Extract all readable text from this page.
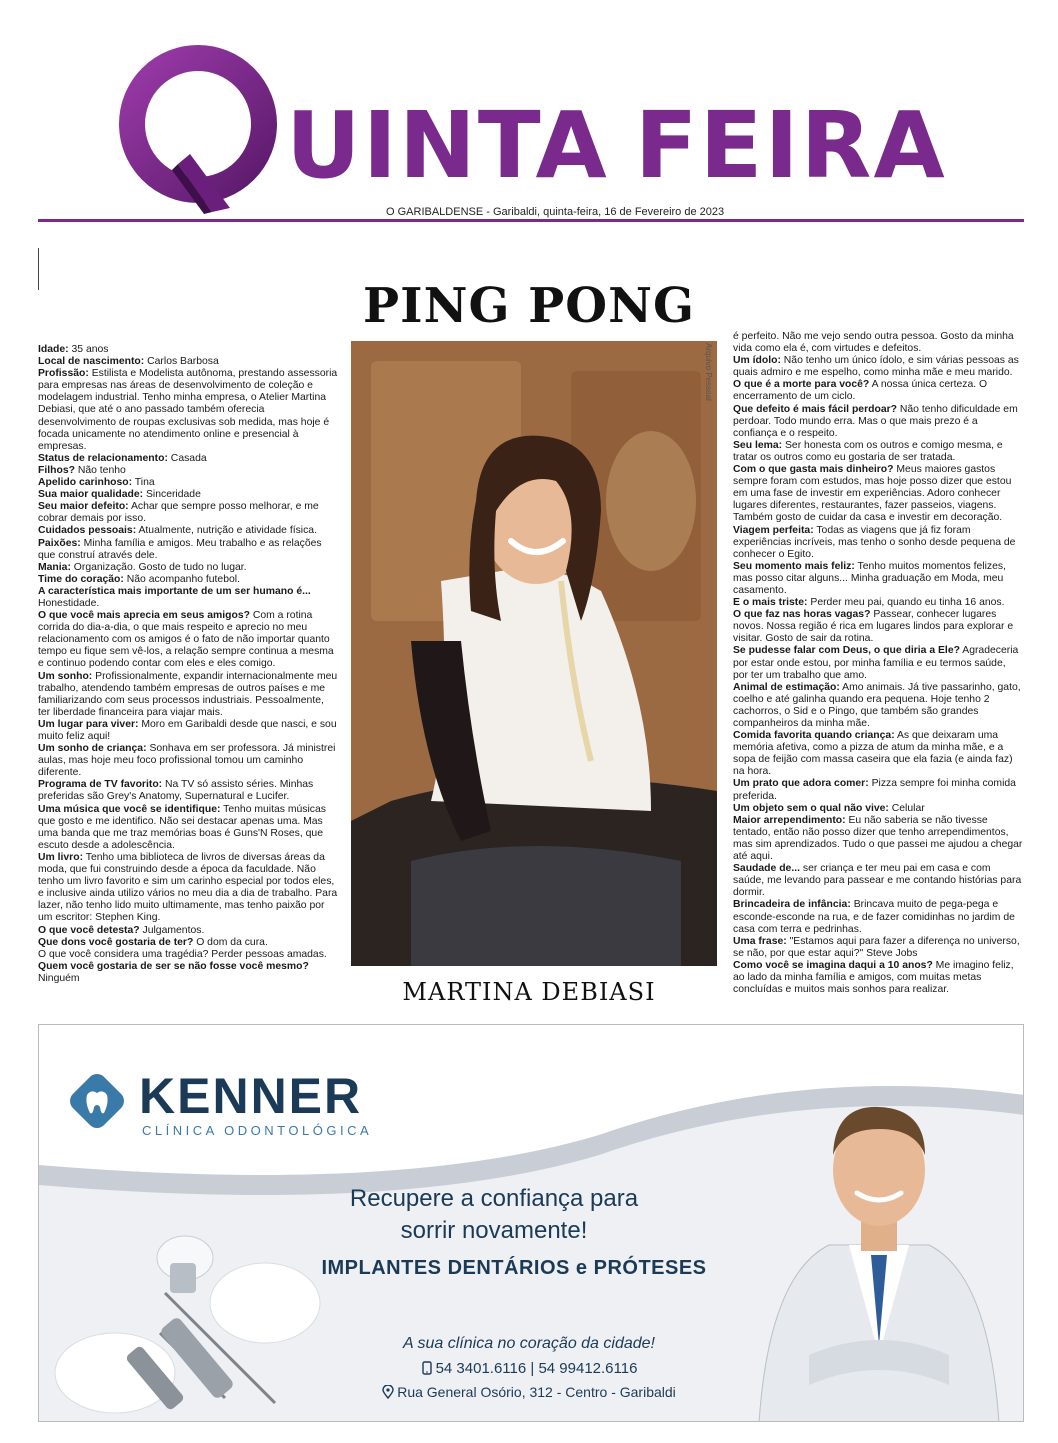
UINTA FEIRA
O GARIBALDENSE - Garibaldi, quinta-feira, 16 de Fevereiro de 2023
PING PONG

Idade: 35 anos

Local de nascimento: Carlos Barbosa

Profissão: Estilista e Modelista autônoma, prestando assessoria para empresas nas áreas de desenvolvimento de coleção e modelagem industrial. Tenho minha empresa, o Atelier Martina Debiasi, que até o ano passado também oferecia desenvolvimento de roupas exclusivas sob medida, mas hoje é focada unicamente no atendimento online e presencial à empresas.

Status de relacionamento: Casada

Filhos? Não tenho

Apelido carinhoso: Tina

Sua maior qualidade: Sinceridade

Seu maior defeito: Achar que sempre posso melhorar, e me cobrar demais por isso.

Cuidados pessoais: Atualmente, nutrição e atividade física.

Paixões: Minha família e amigos. Meu trabalho e as relações que construí através dele.

Mania: Organização. Gosto de tudo no lugar.

Time do coração: Não acompanho futebol.

A característica mais importante de um ser humano é... Honestidade.

O que você mais aprecia em seus amigos? Com a rotina corrida do dia-a-dia, o que mais respeito e aprecio no meu relacionamento com os amigos é o fato de não importar quanto tempo eu fique sem vê-los, a relação sempre continua a mesma e continuo podendo contar com eles e eles comigo.

Um sonho: Profissionalmente, expandir internacionalmente meu trabalho, atendendo também empresas de outros países e me familiarizando com seus processos industriais. Pessoalmente, ter liberdade financeira para viajar mais.

Um lugar para viver: Moro em Garibaldi desde que nasci, e sou muito feliz aqui!

Um sonho de criança: Sonhava em ser professora. Já ministrei aulas, mas hoje meu foco profissional tomou um caminho diferente.

Programa de TV favorito: Na TV só assisto séries. Minhas preferidas são Grey's Anatomy, Supernatural e Lucifer.

Uma música que você se identifique: Tenho muitas músicas que gosto e me identifico. Não sei destacar apenas uma. Mas uma banda que me traz memórias boas é Guns'N Roses, que escuto desde a adolescência.

Um livro: Tenho uma biblioteca de livros de diversas áreas da moda, que fui construindo desde a época da faculdade. Não tenho um livro favorito e sim um carinho especial por todos eles, e inclusive ainda utilizo vários no meu dia a dia de trabalho. Para lazer, não tenho lido muito ultimamente, mas tenho paixão por um escritor: Stephen King.

O que você detesta? Julgamentos.

Que dons você gostaria de ter? O dom da cura.

O que você considera uma tragédia? Perder pessoas amadas.

Quem você gostaria de ser se não fosse você mesmo? Ninguém

Arquivo Pessoal

é perfeito. Não me vejo sendo outra pessoa. Gosto da minha vida como ela é, com virtudes e defeitos.

Um ídolo: Não tenho um único ídolo, e sim várias pessoas as quais admiro e me espelho, como minha mãe e meu marido.

O que é a morte para você? A nossa única certeza. O encerramento de um ciclo.

Que defeito é mais fácil perdoar? Não tenho dificuldade em perdoar. Todo mundo erra. Mas o que mais prezo é a confiança e o respeito.

Seu lema: Ser honesta com os outros e comigo mesma, e tratar os outros como eu gostaria de ser tratada.

Com o que gasta mais dinheiro? Meus maiores gastos sempre foram com estudos, mas hoje posso dizer que estou em uma fase de investir em experiências. Adoro conhecer lugares diferentes, restaurantes, fazer passeios, viagens. Também gosto de cuidar da casa e investir em decoração.

Viagem perfeita: Todas as viagens que já fiz foram experiências incríveis, mas tenho o sonho desde pequena de conhecer o Egito.

Seu momento mais feliz: Tenho muitos momentos felizes, mas posso citar alguns... Minha graduação em Moda, meu casamento.

E o mais triste: Perder meu pai, quando eu tinha 16 anos.

O que faz nas horas vagas? Passear, conhecer lugares novos. Nossa região é rica em lugares lindos para explorar e visitar. Gosto de sair da rotina.

Se pudesse falar com Deus, o que diria a Ele? Agradeceria por estar onde estou, por minha família e eu termos saúde, por ter um trabalho que amo.

Animal de estimação: Amo animais. Já tive passarinho, gato, coelho e até galinha quando era pequena. Hoje tenho 2 cachorros, o Sid e o Pingo, que também são grandes companheiros da minha mãe.

Comida favorita quando criança: As que deixaram uma memória afetiva, como a pizza de atum da minha mãe, e a sopa de feijão com massa caseira que ela fazia (e ainda faz) na hora.

Um prato que adora comer: Pizza sempre foi minha comida preferida.

Um objeto sem o qual não vive: Celular

Maior arrependimento: Eu não saberia se não tivesse tentado, então não posso dizer que tenho arrependimentos, mas sim aprendizados. Tudo o que passei me ajudou a chegar até aqui.

Saudade de... ser criança e ter meu pai em casa e com saúde, me levando para passear e me contando histórias para dormir.

Brincadeira de infância: Brincava muito de pega-pega e esconde-esconde na rua, e de fazer comidinhas no jardim de casa com terra e pedrinhas.

Uma frase: "Estamos aqui para fazer a diferença no universo, se não, por que estar aqui?" Steve Jobs

Como você se imagina daqui a 10 anos? Me imagino feliz, ao lado da minha família e amigos, com muitas metas concluídas e muitos mais sonhos para realizar.

MARTINA DEBIASI
KENNER
CLÍNICA ODONTOLÓGICA
Recupere a confiança para
sorrir novamente!
IMPLANTES DENTÁRIOS e PRÓTESES
A sua clínica no coração da cidade!
54 3401.6116 | 54 99412.6116
Rua General Osório, 312 - Centro - Garibaldi
